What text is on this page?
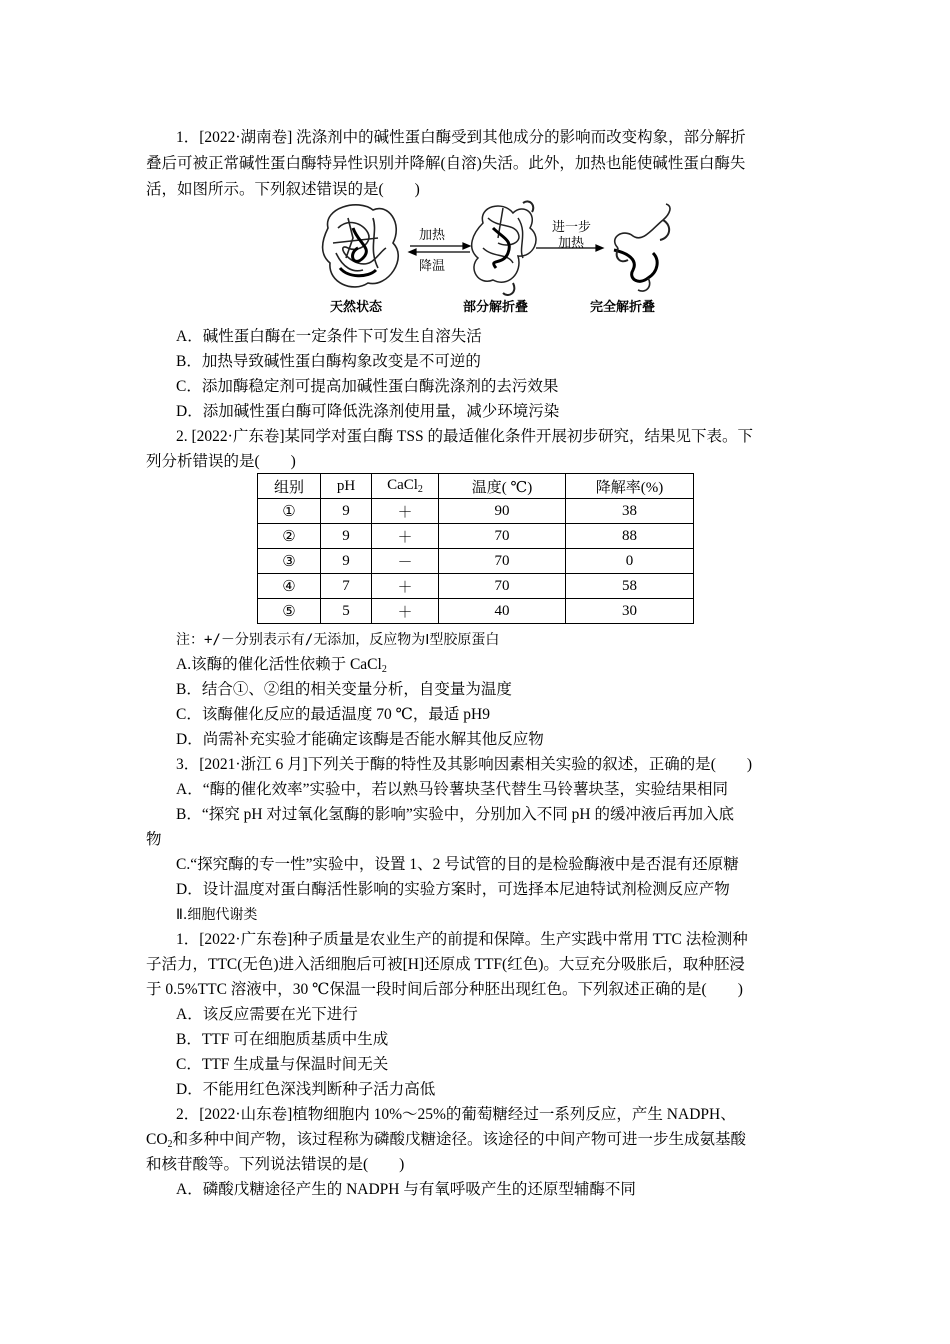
1．[2022·湖南卷] 洗涤剂中的碱性蛋白酶受到其他成分的影响而改变构象，部分解折
叠后可被正常碱性蛋白酶特异性识别并降解(自溶)失活。此外，加热也能使碱性蛋白酶失
活，如图所示。下列叙述错误的是(　　)
加热
降温
进一步
加热
天然状态	部分解折叠	完全解折叠
A．碱性蛋白酶在一定条件下可发生自溶失活
B．加热导致碱性蛋白酶构象改变是不可逆的
C．添加酶稳定剂可提高加碱性蛋白酶洗涤剂的去污效果
D．添加碱性蛋白酶可降低洗涤剂使用量，减少环境污染
2. [2022·广东卷]某同学对蛋白酶 TSS 的最适催化条件开展初步研究，结果见下表。下
列分析错误的是(　　)
组别	pH	CaCl$_2$	温度( ℃)	降解率(%)
①	9	＋	90	38
②	9	＋	70	88
③	9	－	70	0
④	7	＋	70	58
⑤	5	＋	40	30
注：+/－分别表示有/无添加，反应物为Ⅰ型胶原蛋白
A.该酶的催化活性依赖于 CaCl$_2$
B．结合①、②组的相关变量分析，自变量为温度
C．该酶催化反应的最适温度 70 ℃，最适 pH9
D．尚需补充实验才能确定该酶是否能水解其他反应物
3．[2021·浙江 6 月]下列关于酶的特性及其影响因素相关实验的叙述，正确的是(　　)
A．“酶的催化效率”实验中，若以熟马铃薯块茎代替生马铃薯块茎，实验结果相同
B．“探究 pH 对过氧化氢酶的影响”实验中，分别加入不同 pH 的缓冲液后再加入底
物
C.“探究酶的专一性”实验中，设置 1、2 号试管的目的是检验酶液中是否混有还原糖
D．设计温度对蛋白酶活性影响的实验方案时，可选择本尼迪特试剂检测反应产物
Ⅱ.细胞代谢类
1．[2022·广东卷]种子质量是农业生产的前提和保障。生产实践中常用 TTC 法检测种
子活力，TTC(无色)进入活细胞后可被[H]还原成 TTF(红色)。大豆充分吸胀后，取种胚浸
于 0.5%TTC 溶液中，30 ℃保温一段时间后部分种胚出现红色。下列叙述正确的是(　　)
A．该反应需要在光下进行
B．TTF 可在细胞质基质中生成
C．TTF 生成量与保温时间无关
D．不能用红色深浅判断种子活力高低
2．[2022·山东卷]植物细胞内 10%～25%的葡萄糖经过一系列反应，产生 NADPH、
$CO_2$和多种中间产物，该过程称为磷酸戊糖途径。该途径的中间产物可进一步生成氨基酸
和核苷酸等。下列说法错误的是(　　)
A．磷酸戊糖途径产生的 NADPH 与有氧呼吸产生的还原型辅酶不同
